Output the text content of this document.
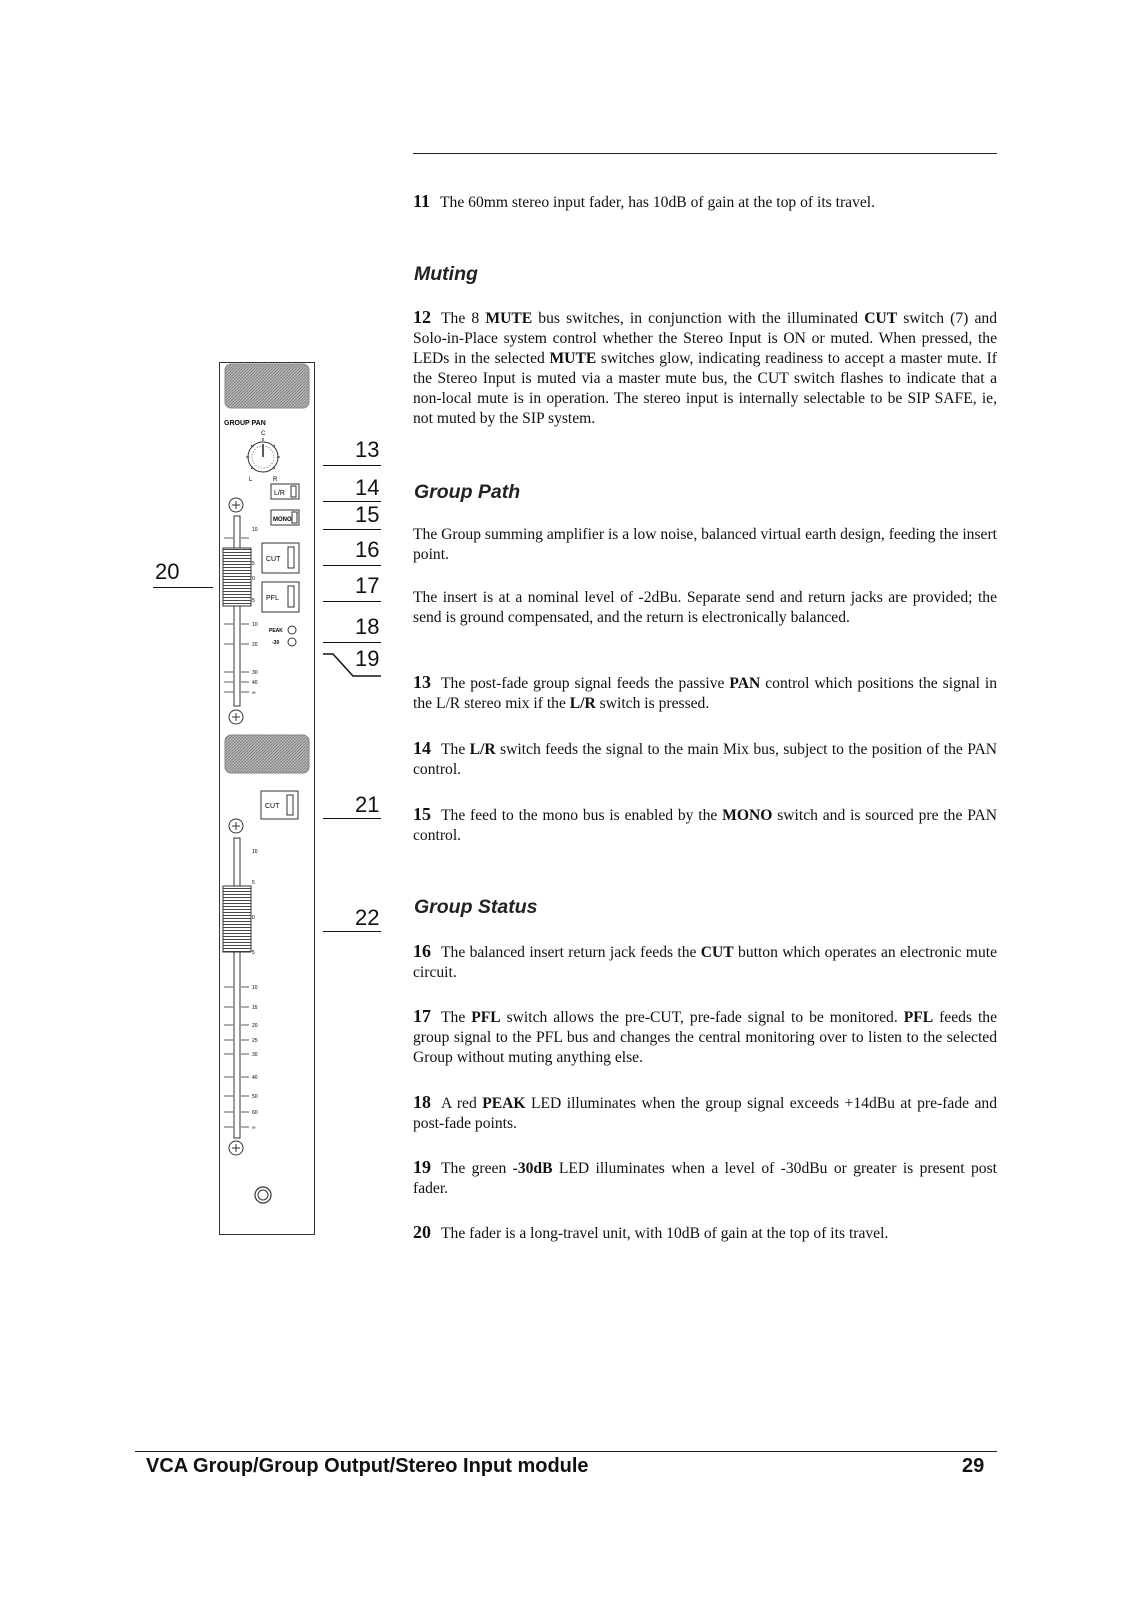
11 The 60mm stereo input fader, has 10dB of gain at the top of its travel.
Muting
12 The 8 MUTE bus switches, in conjunction with the illuminated CUT switch (7) and Solo-in-Place system control whether the Stereo Input is ON or muted. When pressed, the LEDs in the selected MUTE switches glow, indicating readiness to accept a master mute. If the Stereo Input is muted via a master mute bus, the CUT switch flashes to indicate that a non-local mute is in operation. The stereo input is internally selectable to be SIP SAFE, ie, not muted by the SIP system.
Group Path
The Group summing amplifier is a low noise, balanced virtual earth design, feeding the insert point.
The insert is at a nominal level of -2dBu. Separate send and return jacks are provided; the send is ground compensated, and the return is electronically balanced.
13 The post-fade group signal feeds the passive PAN control which positions the signal in the L/R stereo mix if the L/R switch is pressed.
14 The L/R switch feeds the signal to the main Mix bus, subject to the position of the PAN control.
15 The feed to the mono bus is enabled by the MONO switch and is sourced pre the PAN control.
Group Status
16 The balanced insert return jack feeds the CUT button which operates an electronic mute circuit.
17 The PFL switch allows the pre-CUT, pre-fade signal to be monitored. PFL feeds the group signal to the PFL bus and changes the central monitoring over to listen to the selected Group without muting anything else.
18 A red PEAK LED illuminates when the group signal exceeds +14dBu at pre-fade and post-fade points.
19 The green -30dB LED illuminates when a level of -30dBu or greater is present post fader.
20 The fader is a long-travel unit, with 10dB of gain at the top of its travel.
13
14
15
16
17
18
19
20
21
22
GROUP PAN
L
C
R
L/R
MONO
10
5
0
5
10
20
30
40
∞
CUT
PFL
PEAK
-30
CUT
10
5
0
5
10
15
20
25
30
40
50
60
∞
VCA Group/Group Output/Stereo Input module	29
